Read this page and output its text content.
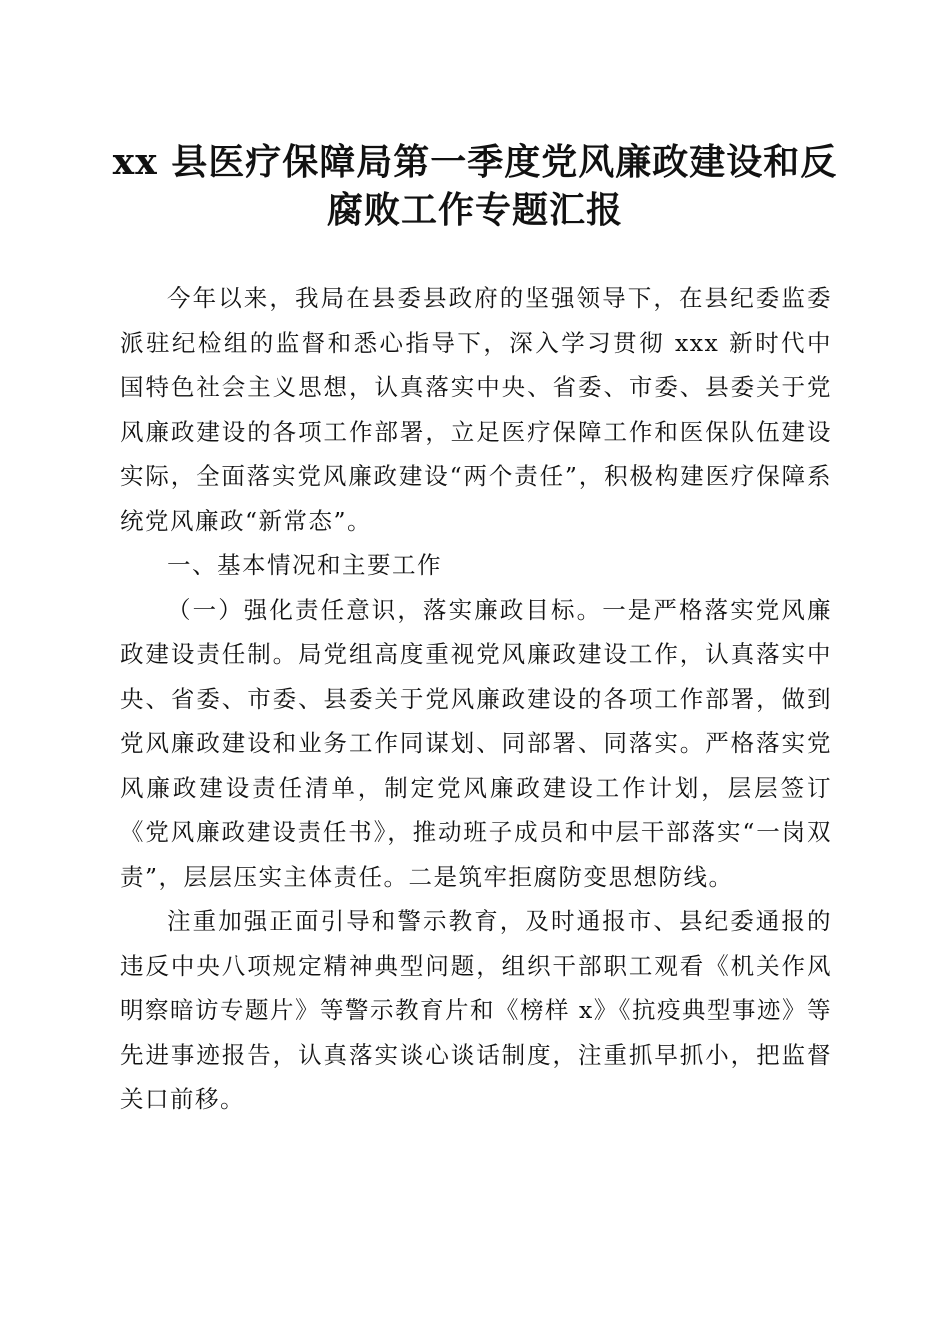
xx 县医疗保障局第一季度党风廉政建设和反
腐败工作专题汇报

今年以来，我局在县委县政府的坚强领导下，在县纪委监委派驻纪检组的监督和悉心指导下，深入学习贯彻 xxx 新时代中国特色社会主义思想，认真落实中央、省委、市委、县委关于党风廉政建设的各项工作部署，立足医疗保障工作和医保队伍建设实际，全面落实党风廉政建设“两个责任”，积极构建医疗保障系统党风廉政“新常态”。

一、基本情况和主要工作

（一）强化责任意识，落实廉政目标。一是严格落实党风廉政建设责任制。局党组高度重视党风廉政建设工作，认真落实中央、省委、市委、县委关于党风廉政建设的各项工作部署，做到党风廉政建设和业务工作同谋划、同部署、同落实。严格落实党风廉政建设责任清单，制定党风廉政建设工作计划，层层签订《党风廉政建设责任书》，推动班子成员和中层干部落实“一岗双责”，层层压实主体责任。二是筑牢拒腐防变思想防线。

注重加强正面引导和警示教育，及时通报市、县纪委通报的违反中央八项规定精神典型问题，组织干部职工观看《机关作风明察暗访专题片》等警示教育片和《榜样 x》《抗疫典型事迹》等先进事迹报告，认真落实谈心谈话制度，注重抓早抓小，把监督关口前移。
